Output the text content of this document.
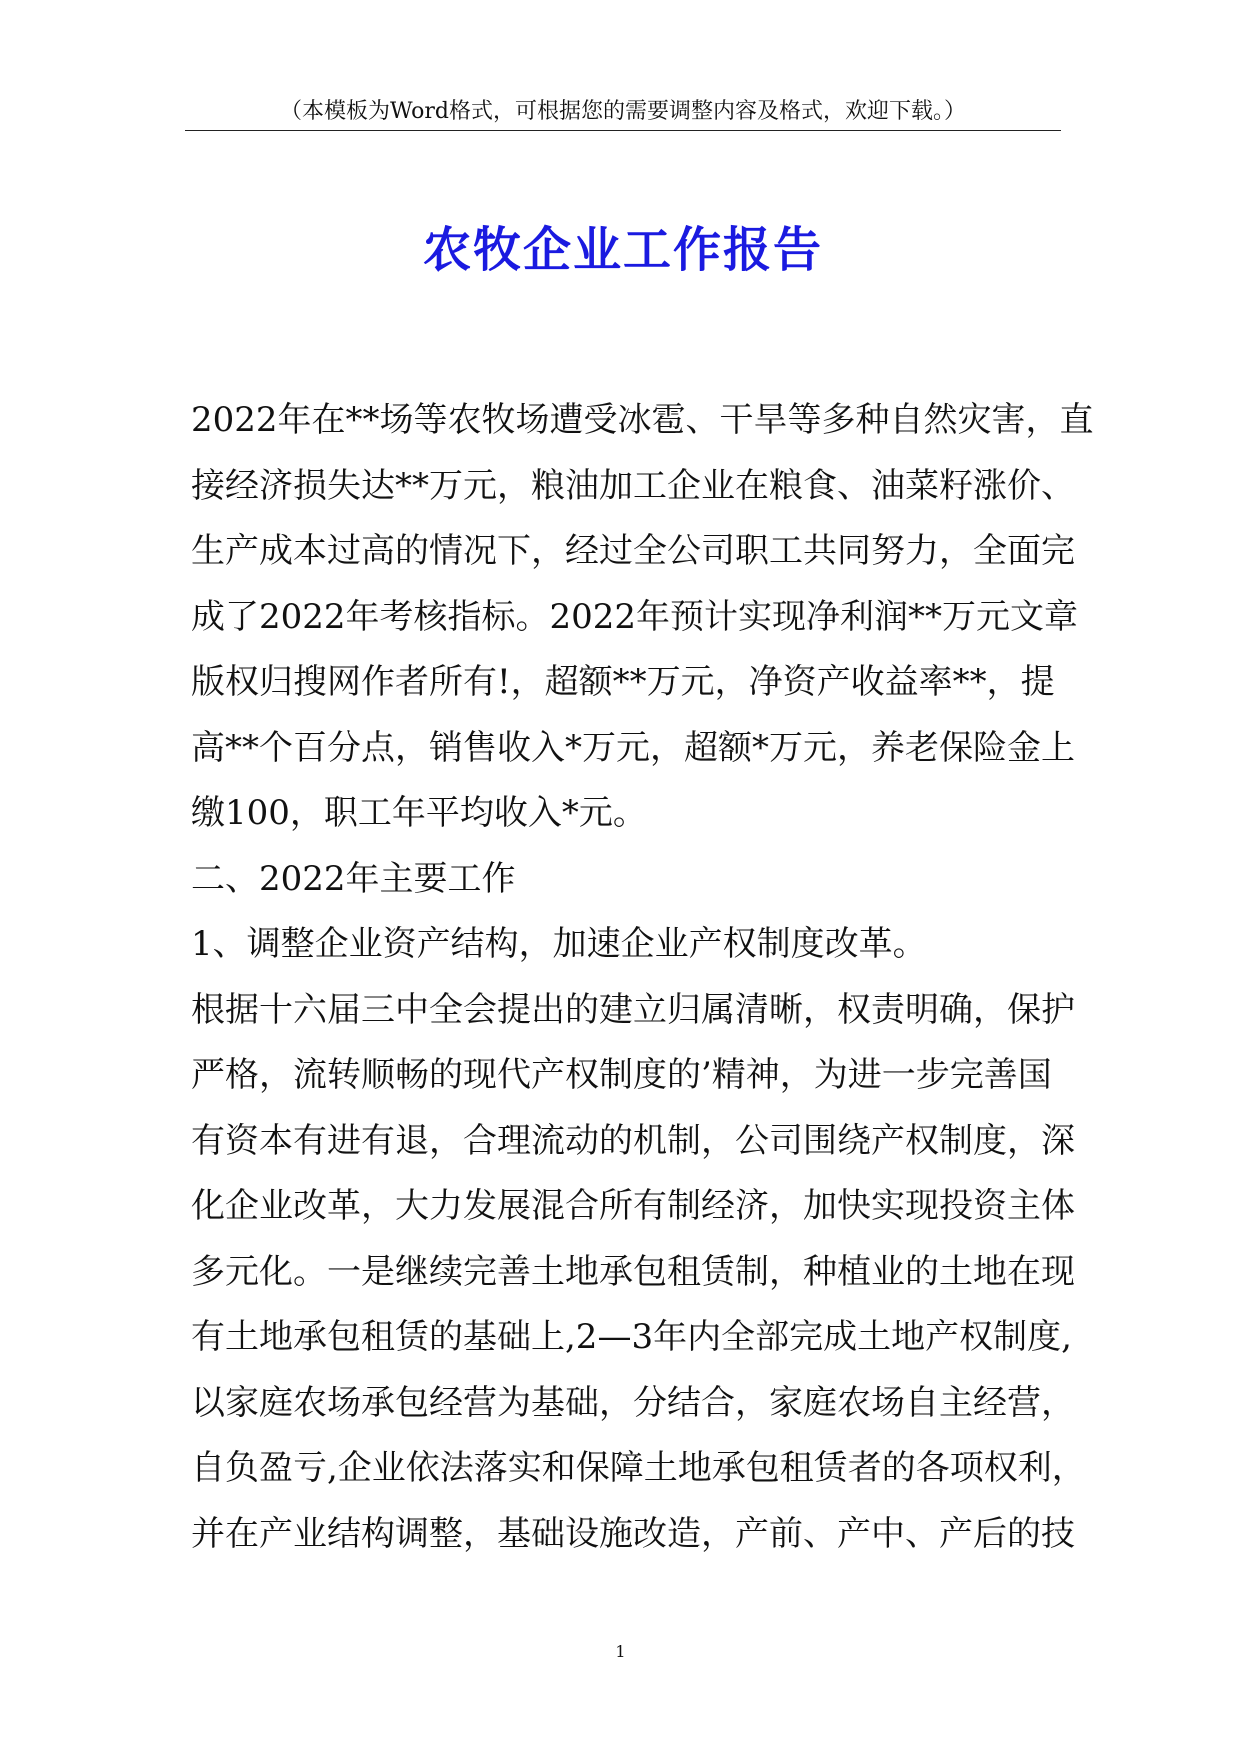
（本模板为Word格式，可根据您的需要调整内容及格式，欢迎下载。）
农牧企业工作报告
2022年在**场等农牧场遭受冰雹、干旱等多种自然灾害，直
接经济损失达**万元，粮油加工企业在粮食、油菜籽涨价、
生产成本过高的情况下，经过全公司职工共同努力，全面完
成了2022年考核指标。2022年预计实现净利润**万元文章
版权归搜网作者所有!，超额**万元，净资产收益率**，提
高**个百分点，销售收入*万元，超额*万元，养老保险金上
缴100，职工年平均收入*元。
二、2022年主要工作
1、调整企业资产结构，加速企业产权制度改革。
根据十六届三中全会提出的建立归属清晰，权责明确，保护
严格，流转顺畅的现代产权制度的’精神，为进一步完善国
有资本有进有退，合理流动的机制，公司围绕产权制度，深
化企业改革，大力发展混合所有制经济，加快实现投资主体
多元化。一是继续完善土地承包租赁制，种植业的土地在现
有土地承包租赁的基础上,2—3年内全部完成土地产权制度,
以家庭农场承包经营为基础，分结合，家庭农场自主经营，
自负盈亏,企业依法落实和保障土地承包租赁者的各项权利，
并在产业结构调整，基础设施改造，产前、产中、产后的技
1
